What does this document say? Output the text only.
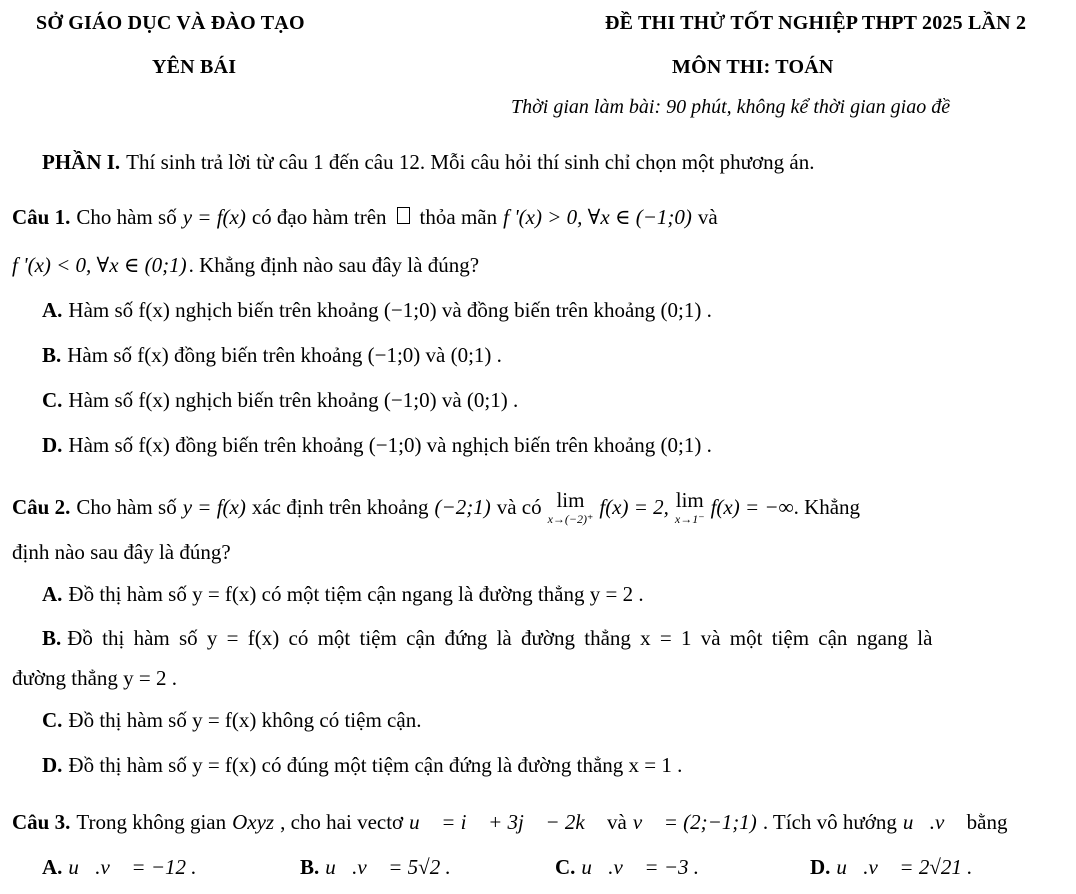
SỞ GIÁO DỤC VÀ ĐÀO TẠO
YÊN BÁI
ĐỀ THI THỬ TỐT NGHIỆP THPT 2025 LẦN 2
MÔN THI: TOÁN
Thời gian làm bài: 90 phút, không kể thời gian giao đề
PHẦN I. Thí sinh trả lời từ câu 1 đến câu 12. Mỗi câu hỏi thí sinh chỉ chọn một phương án.
Câu 1. Cho hàm số y = f(x) có đạo hàm trên thỏa mãn f '(x) > 0, ∀x ∈ (−1;0) và
f '(x) < 0, ∀x ∈ (0;1) . Khẳng định nào sau đây là đúng?
A. Hàm số f(x) nghịch biến trên khoảng (−1;0) và đồng biến trên khoảng (0;1) .
B. Hàm số f(x) đồng biến trên khoảng (−1;0) và (0;1) .
C. Hàm số f(x) nghịch biến trên khoảng (−1;0) và (0;1) .
D. Hàm số f(x) đồng biến trên khoảng (−1;0) và nghịch biến trên khoảng (0;1) .
Câu 2. Cho hàm số y = f(x) xác định trên khoảng (−2;1) và có lim
x→(−2)⁺ f(x) = 2, lim
x→1⁻ f(x) = −∞ . Khẳng
định nào sau đây là đúng?
A. Đồ thị hàm số y = f(x) có một tiệm cận ngang là đường thẳng y = 2 .
B. Đồ thị hàm số y = f(x) có một tiệm cận đứng là đường thẳng x = 1 và một tiệm cận ngang là
đường thẳng y = 2 .
C. Đồ thị hàm số y = f(x) không có tiệm cận.
D. Đồ thị hàm số y = f(x) có đúng một tiệm cận đứng là đường thẳng x = 1 .
Câu 3. Trong không gian Oxyz , cho hai vectơ u⃗ = i⃗ + 3j⃗ − 2k⃗ và v⃗ = (2;−1;1) . Tích vô hướng u⃗.v⃗ bằng
A. u⃗.v⃗ = −12 .	B. u⃗.v⃗ = 5√2 .	C. u⃗.v⃗ = −3 .	D. u⃗.v⃗ = 2√21 .
